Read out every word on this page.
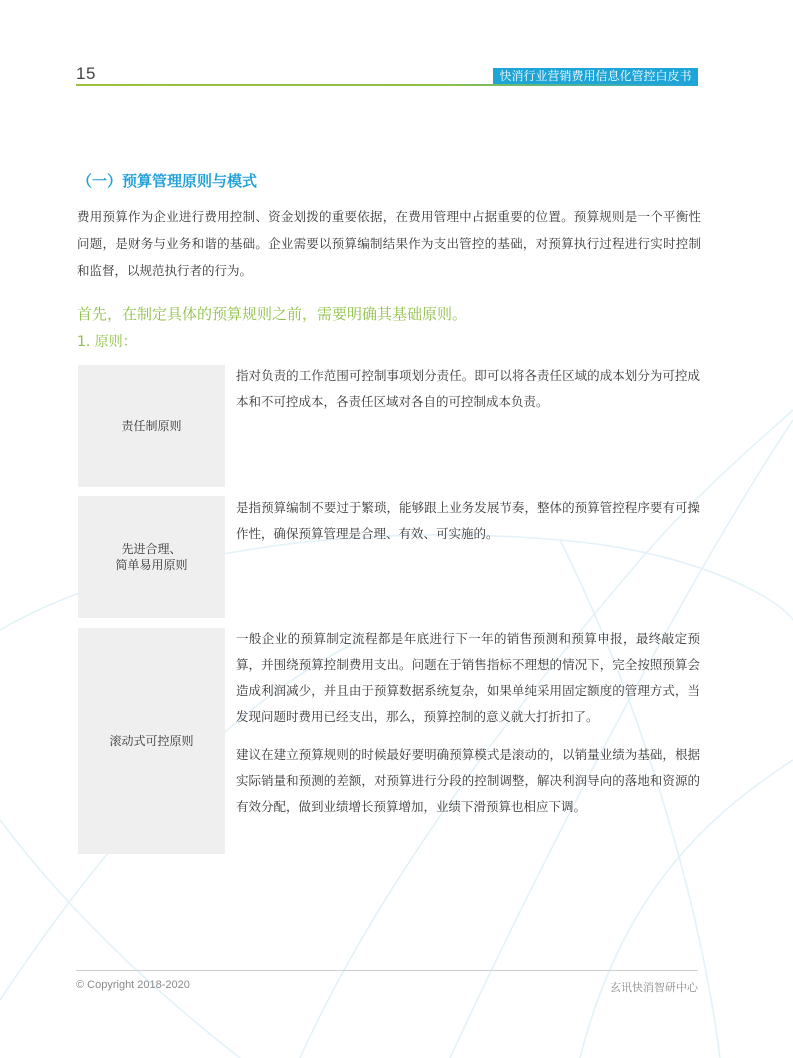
15	快消行业营销费用信息化管控白皮书
（一）预算管理原则与模式
费用预算作为企业进行费用控制、资金划拨的重要依据，在费用管理中占据重要的位置。预算规则是一个平衡性问题，是财务与业务和谐的基础。企业需要以预算编制结果作为支出管控的基础，对预算执行过程进行实时控制和监督，以规范执行者的行为。
首先，在制定具体的预算规则之前，需要明确其基础原则。
1. 原则：
责任制原则

指对负责的工作范围可控制事项划分责任。即可以将各责任区域的成本划分为可控成本和不可控成本，各责任区域对各自的可控制成本负责。

先进合理、
简单易用原则

是指预算编制不要过于繁琐，能够跟上业务发展节奏，整体的预算管控程序要有可操作性，确保预算管理是合理、有效、可实施的。

滚动式可控原则

一般企业的预算制定流程都是年底进行下一年的销售预测和预算申报，最终敲定预算，并围绕预算控制费用支出。问题在于销售指标不理想的情况下，完全按照预算会造成利润减少，并且由于预算数据系统复杂，如果单纯采用固定额度的管理方式，当发现问题时费用已经支出，那么，预算控制的意义就大打折扣了。

建议在建立预算规则的时候最好要明确预算模式是滚动的，以销量业绩为基础，根据实际销量和预测的差额，对预算进行分段的控制调整，解决利润导向的落地和资源的有效分配，做到业绩增长预算增加，业绩下滑预算也相应下调。

© Copyright 2018-2020	玄讯快消智研中心
